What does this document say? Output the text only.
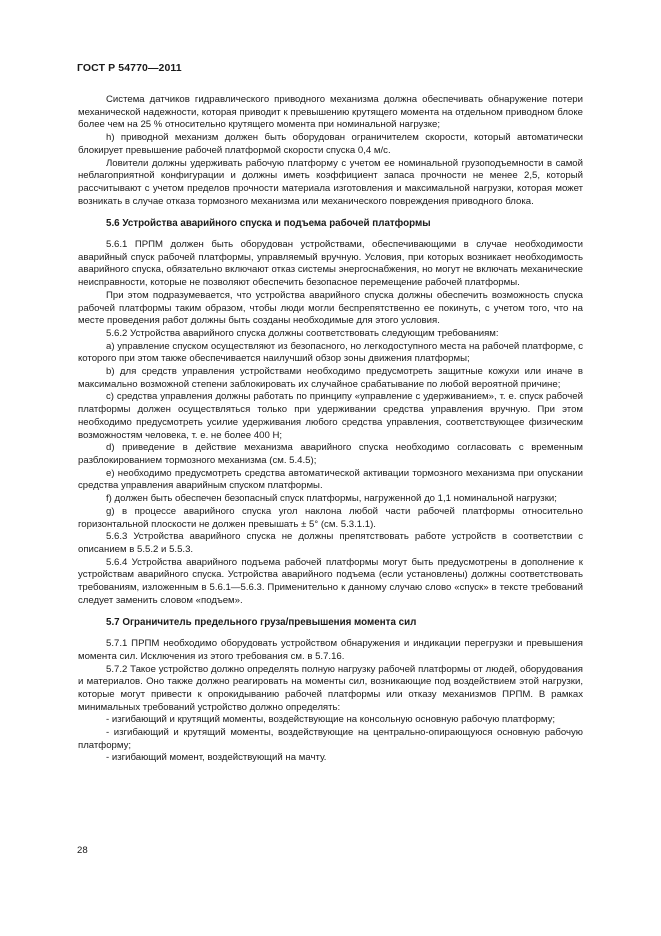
ГОСТ Р 54770—2011

Система датчиков гидравлического приводного механизма должна обеспечивать обнаружение потери механической надежности, которая приводит к превышению крутящего момента на отдельном приводном блоке более чем на 25 % относительно крутящего момента при номинальной нагрузке;

h) приводной механизм должен быть оборудован ограничителем скорости, который автоматически блокирует превышение рабочей платформой скорости спуска 0,4 м/с.

Ловители должны удерживать рабочую платформу с учетом ее номинальной грузоподъемности в самой неблагоприятной конфигурации и должны иметь коэффициент запаса прочности не менее 2,5, который рассчитывают с учетом пределов прочности материала изготовления и максимальной нагрузки, которая может возникать в случае отказа тормозного механизма или механического повреждения приводного блока.

5.6 Устройства аварийного спуска и подъема рабочей платформы

5.6.1 ПРПМ должен быть оборудован устройствами, обеспечивающими в случае необходимости аварийный спуск рабочей платформы, управляемый вручную. Условия, при которых возникает необходимость аварийного спуска, обязательно включают отказ системы энергоснабжения, но могут не включать механические неисправности, которые не позволяют обеспечить безопасное перемещение рабочей платформы.

При этом подразумевается, что устройства аварийного спуска должны обеспечить возможность спуска рабочей платформы таким образом, чтобы люди могли беспрепятственно ее покинуть, с учетом того, что на месте проведения работ должны быть созданы необходимые для этого условия.

5.6.2 Устройства аварийного спуска должны соответствовать следующим требованиям:

a) управление спуском осуществляют из безопасного, но легкодоступного места на рабочей платформе, с которого при этом также обеспечивается наилучший обзор зоны движения платформы;

b) для средств управления устройствами необходимо предусмотреть защитные кожухи или иначе в максимально возможной степени заблокировать их случайное срабатывание по любой вероятной причине;

c) средства управления должны работать по принципу «управление с удерживанием», т. е. спуск рабочей платформы должен осуществляться только при удерживании средства управления вручную. При этом необходимо предусмотреть усилие удерживания любого средства управления, соответствующее физическим возможностям человека, т. е. не более 400 Н;

d) приведение в действие механизма аварийного спуска необходимо согласовать с временным разблокированием тормозного механизма (см. 5.4.5);

e) необходимо предусмотреть средства автоматической активации тормозного механизма при опускании средства управления аварийным спуском платформы.

f) должен быть обеспечен безопасный спуск платформы, нагруженной до 1,1 номинальной нагрузки;

g) в процессе аварийного спуска угол наклона любой части рабочей платформы относительно горизонтальной плоскости не должен превышать ± 5° (см. 5.3.1.1).

5.6.3 Устройства аварийного спуска не должны препятствовать работе устройств в соответствии с описанием в 5.5.2 и 5.5.3.

5.6.4 Устройства аварийного подъема рабочей платформы могут быть предусмотрены в дополнение к устройствам аварийного спуска. Устройства аварийного подъема (если установлены) должны соответствовать требованиям, изложенным в 5.6.1—5.6.3. Применительно к данному случаю слово «спуск» в тексте требований следует заменить словом «подъем».

5.7 Ограничитель предельного груза/превышения момента сил

5.7.1 ПРПМ необходимо оборудовать устройством обнаружения и индикации перегрузки и превышения момента сил. Исключения из этого требования см. в 5.7.16.

5.7.2 Такое устройство должно определять полную нагрузку рабочей платформы от людей, оборудования и материалов. Оно также должно реагировать на моменты сил, возникающие под воздействием этой нагрузки, которые могут привести к опрокидыванию рабочей платформы или отказу механизмов ПРПМ. В рамках минимальных требований устройство должно определять:

- изгибающий и крутящий моменты, воздействующие на консольную основную рабочую платформу;

- изгибающий и крутящий моменты, воздействующие на центрально-опирающуюся основную рабочую платформу;

- изгибающий момент, воздействующий на мачту.

28
